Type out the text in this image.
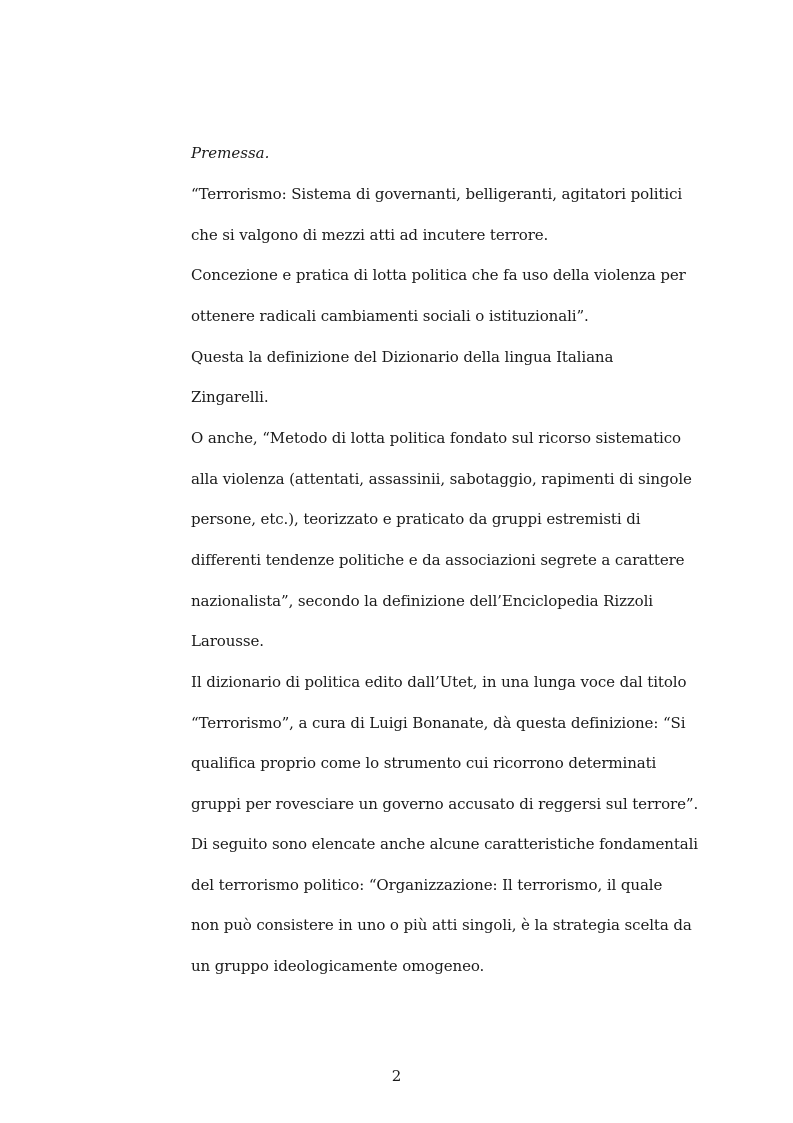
Premessa.
“Terrorismo: Sistema di governanti, belligeranti, agitatori politici
che si valgono di mezzi atti ad incutere terrore.
Concezione e pratica di lotta politica che fa uso della violenza per
ottenere radicali cambiamenti sociali o istituzionali”.
Questa la definizione del Dizionario della lingua Italiana
Zingarelli.
O anche, “Metodo di lotta politica fondato sul ricorso sistematico
alla violenza (attentati, assassinii, sabotaggio, rapimenti di singole
persone, etc.), teorizzato e praticato da gruppi estremisti di
differenti tendenze politiche e da associazioni segrete a carattere
nazionalista”, secondo la definizione dell’Enciclopedia Rizzoli
Larousse.
Il dizionario di politica edito dall’Utet, in una lunga voce dal titolo
“Terrorismo”, a cura di Luigi Bonanate, dà questa definizione: “Si
qualifica proprio come lo strumento cui ricorrono determinati
gruppi per rovesciare un governo accusato di reggersi sul terrore”.
Di seguito sono elencate anche alcune caratteristiche fondamentali
del terrorismo politico: “Organizzazione: Il terrorismo, il quale
non può consistere in uno o più atti singoli, è la strategia scelta da
un gruppo ideologicamente omogeneo.
2
